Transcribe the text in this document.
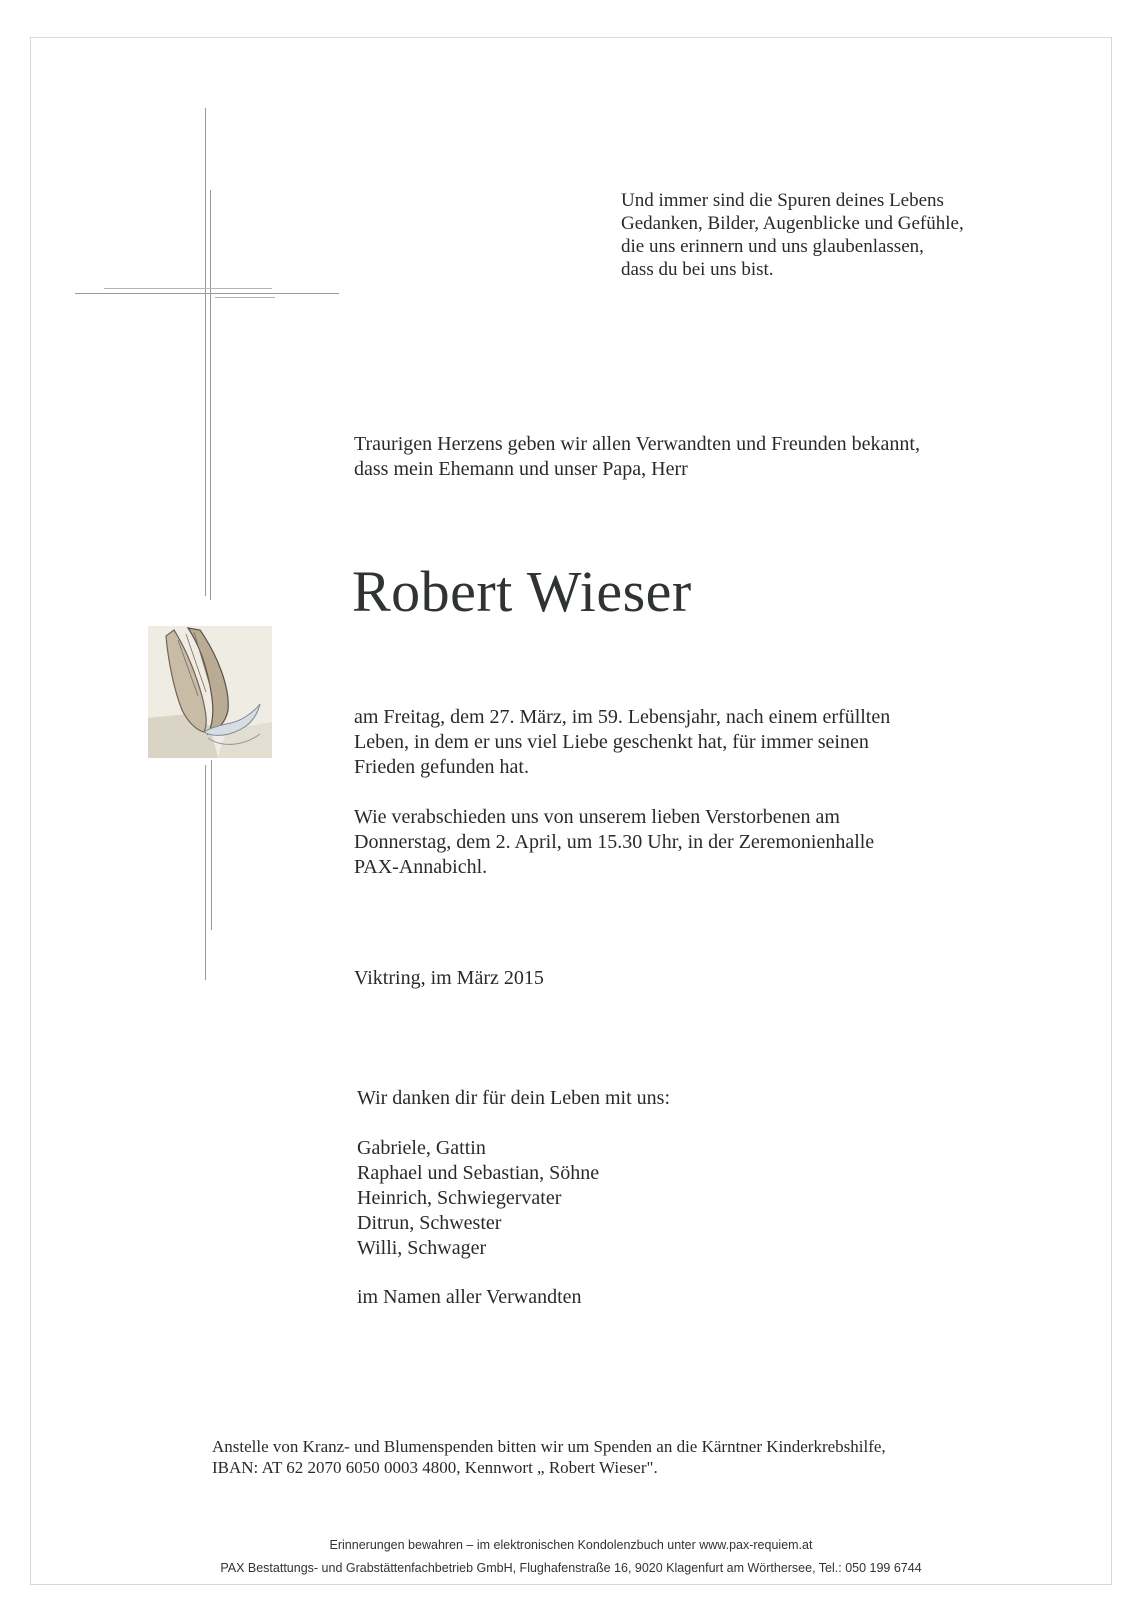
Und immer sind die Spuren deines Lebens
Gedanken, Bilder, Augenblicke und Gefühle,
die uns erinnern und uns glaubenlassen,
dass du bei uns bist.
Traurigen Herzens geben wir allen Verwandten und Freunden bekannt,
dass mein Ehemann und unser Papa, Herr
Robert Wieser
am Freitag, dem 27. März, im 59. Lebensjahr, nach einem erfüllten
Leben, in dem er uns viel Liebe geschenkt hat, für immer seinen
Frieden gefunden hat.
Wie verabschieden uns von unserem lieben Verstorbenen am
Donnerstag, dem 2. April, um 15.30 Uhr, in der Zeremonienhalle
PAX-Annabichl.
Viktring, im März 2015
Wir danken dir für dein Leben mit uns:
Gabriele, Gattin
Raphael und Sebastian, Söhne
Heinrich, Schwiegervater
Ditrun, Schwester
Willi, Schwager
im Namen aller Verwandten
Anstelle von Kranz- und Blumenspenden bitten wir um Spenden an die Kärntner Kinderkrebshilfe,
IBAN: AT 62 2070 6050 0003 4800, Kennwort „ Robert Wieser".
Erinnerungen bewahren – im elektronischen Kondolenzbuch unter www.pax-requiem.at
PAX Bestattungs- und Grabstättenfachbetrieb GmbH, Flughafenstraße 16, 9020 Klagenfurt am Wörthersee, Tel.: 050 199 6744
